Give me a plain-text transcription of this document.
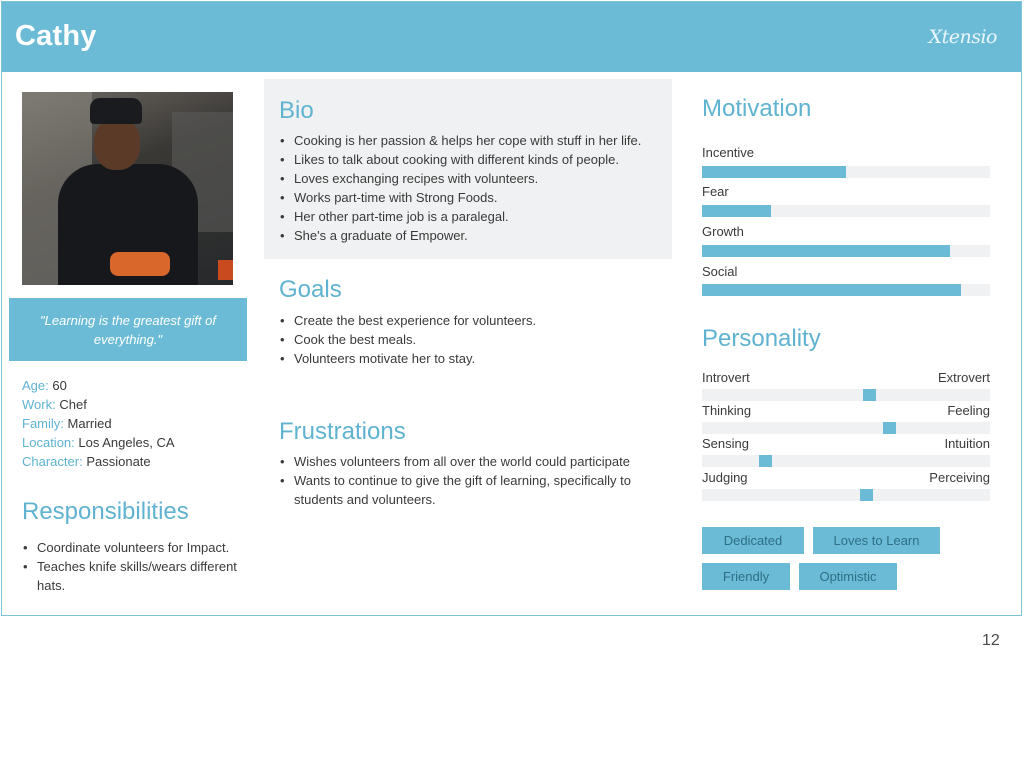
Cathy	Xtensio
"Learning is the greatest gift of everything."
Age: 60
Work: Chef
Family: Married
Location: Los Angeles, CA
Character: Passionate
Responsibilities
• Coordinate volunteers for Impact.
• Teaches knife skills/wears different hats.
Bio
• Cooking is her passion & helps her cope with stuff in her life.
• Likes to talk about cooking with different kinds of people.
• Loves exchanging recipes with volunteers.
• Works part-time with Strong Foods.
• Her other part-time job is a paralegal.
• She's a graduate of Empower.
Goals
• Create the best experience for volunteers.
• Cook the best meals.
• Volunteers motivate her to stay.
Frustrations
• Wishes volunteers from all over the world could participate
• Wants to continue to give the gift of learning, specifically to students and volunteers.
Motivation
Incentive
Fear
Growth
Social
Personality
Introvert	Extrovert
Thinking	Feeling
Sensing	Intuition
Judging	Perceiving
Dedicated	Loves to Learn
Friendly	Optimistic
12
